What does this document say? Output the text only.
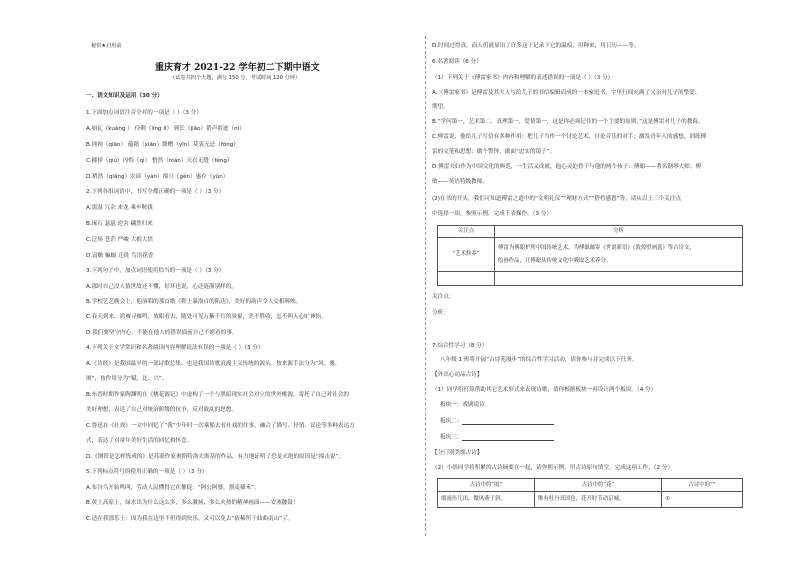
秘密★启用前
重庆育才 2021-22 学年初二下期中语文
（试卷共四个大题，满分 150 分，考试时间 120 分钟）
一、语文知识及运用（30 分）
1.下面加点词语注音全对的一项是（ ）（3 分）
A.崩瓦（kuǎng ） 伶俐（líng lì） 颀长（jiǎo）销声匿迹（nì）
B.钝钝（qiān） 蕴藉（xiān）馈赠（yīn）莫衷无忌（fōng）
C.摧拶（qiú）闪烁（qì） 整然（nián）天衣无缝（fèng）
D.稍然（qiǎng）农谚（yàn）绵亘（gèn）惠存（yǔn）
2.下列各组词语中，书写全都正确的一项是（ ）（3 分）
A.濡湿 冗杂 来龙 乘车鞍钱
B.琢石 瑟瑟 逆害 翩然归来
C.泛场 苍茫 严峻 大相大悟
D.富赡 蝙蝠 迁徙 鸟语花香
3.下列句子中，加点词语使用恰当的一项是（ ）（3 分）
A.那时自己没人情世故还不懂，好坏也说，心还涟漪别样的。
B.学校艺艺晚会上，他演唱的那首歌《鞋上暴洛自的陷达》，美好的韵声令人交相辉映。
C.春天到来，鸿雁寻雁鸣，放眼看去，随处可见万紫千红的景象，美不胜收，怎不叫人心旷神怡。
D.我们要坚守内心，不能在他人的错误面前自己不愿看的事。
4.下列关于文学常识和名著阅读内容理解说法有误的一项是（ ）（3 分）
A.《诗经》是我国最早的一部诗歌总集，也是我国诗歌浪漫主义传统的源头。按来源手法分为“风、雅、
颂”，按作用分为“赋、比、兴”。
B.东晋时期作家陶渊明在《桃花源记》中虚构了一个与黑暗现实社会对立的世外桃源，寄托了自己对社会的
美好理想，表达了自己对统治阶级的抗争，反对战乱的思想。
C.鲁迅在《社戏》一文中回忆了“我”少年时一次乘船去看社戏的往事，融合了描写、抒情、议论等多种表达方
式，表达了对童年美好生活的回忆和怀念。
D.《钢铁是怎样炼成的》是苏联作家奥斯特洛夫斯基的作品，有力地证明了恐龙灭绝的原因是“撞击说”。
5.下列标点符号的使用正确的一项是（ ）（3 分）
A.布谷鸟开始鸣叫，劳动人民懂得它在催促：“阿公阿婆，割麦插禾”。
B.黄土高原上，绿水出为什么这么多，多么激扬，多么火热的精神画面——安塞腰鼓！
C.适在我那乐土：因为我在这里不但得到快乐，又可以免去“依稀所于曲曲南山”了。
D.时间过得真，而人们就显出了许多这于记录下它的温痕，用种来，用日历——等。
6.名著阅读（6 分）
（1）下列关于《傅雷家书》内容和理解的表述错误的一项是（ ）（3 分）
A.《傅雷家书》是傅雷及其夫人写给儿子的书信编辑而成的一本家庭书，字里行间充满了父亲对儿子的挚爱、
期望。
B.“学问第一，艺术第二，真理第一，爱情第一，这是你必须记住的一个主要的原则，”这是傅雷对儿子的教诲。
C.傅雷说，他给儿子写信有多种作用：把儿子当作一个讨论艺术、讨论音乐的对手；激发青年人的感想，训练傅
雷的文笔和思想；做个警钟，做面“忠实的镜子”。
D.傅雷夫妇作为中国文化的典范，一生活又成就，他心灵迫昏于与他的两个孩子：傅聪——著名钢琴大师；傅
敏——英语特级教师。
(2)在书的开头，我们可知道傅雷之道中的“文明礼仪”“理财方式”“搭档感恩”等，请从以上三个关注点
中选择一项，参照示例，完成下表操作。（3 分）
关注点	分析
“艺术修养”	傅雷为傅聪护所中国传统艺术，为傅聪邮寄《世说新语》《敦煌壁画选》等古诗文、
绘画作品，让傅聪从传统文化中吸取艺术养分。

关注点：
分析：
7.综合性学习（8 分）
八年级 1 班将开展“古诗苑漫步”的综合性学习活动，请你参与并完成以下任务。
【外出心动品古诗】
（1）同学们打算借助其它艺术形式来表现诗歌，请你根据板块一再设计两个板块。（4 分）
板块一：戏剧说诗
板块二：
板块三：
【分门别类细古诗】
（2）小组同学将积累的古诗摘要在一起，请你照示例，用古诗原句填空，完成这项工作。（2 分）
古诗中的“雨”	古诗中的“花”	古诗中的“”
细雨鱼儿出，微风燕子斜。	唯有牡丹真国色，花开时节动京城。	①
